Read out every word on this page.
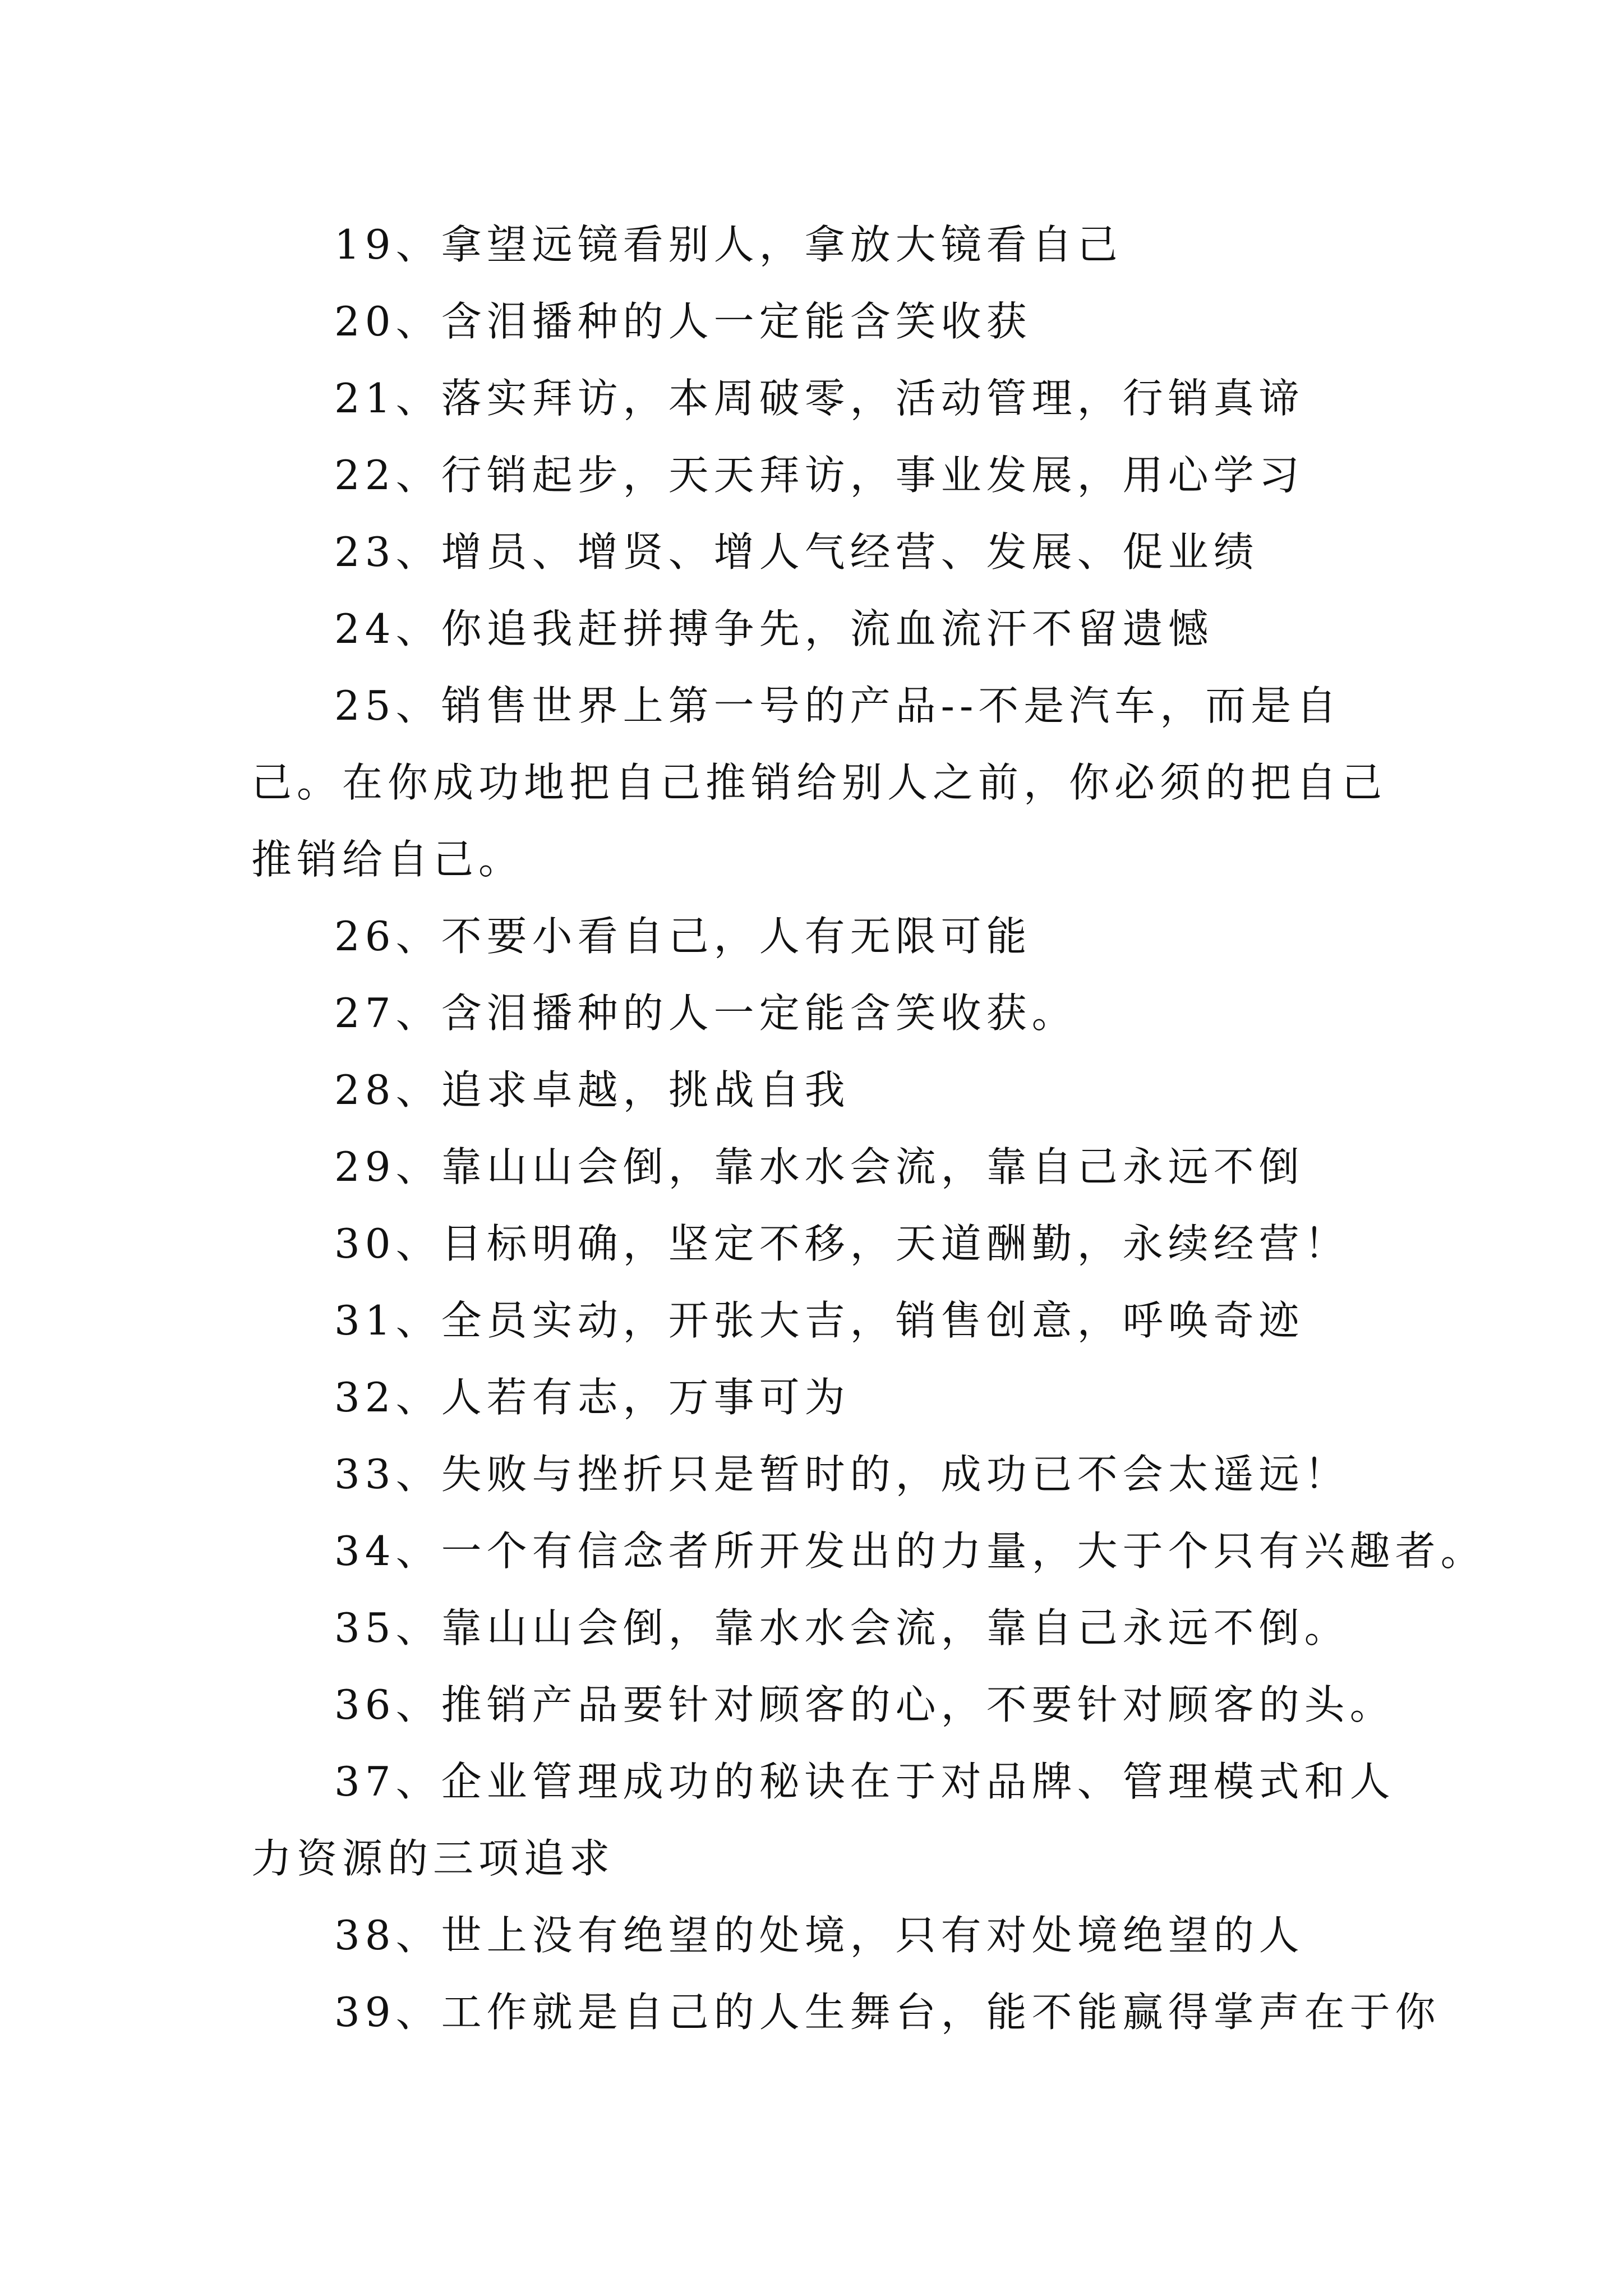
19、拿望远镜看别人，拿放大镜看自己

20、含泪播种的人一定能含笑收获

21、落实拜访，本周破零，活动管理，行销真谛

22、行销起步，天天拜访，事业发展，用心学习

23、增员、增贤、增人气经营、发展、促业绩

24、你追我赶拼搏争先，流血流汗不留遗憾

25、销售世界上第一号的产品--不是汽车，而是自己。在你成功地把自己推销给别人之前，你必须的把自己推销给自己。

26、不要小看自己，人有无限可能

27、含泪播种的人一定能含笑收获。

28、追求卓越，挑战自我

29、靠山山会倒，靠水水会流，靠自己永远不倒

30、目标明确，坚定不移，天道酬勤，永续经营！

31、全员实动，开张大吉，销售创意，呼唤奇迹

32、人若有志，万事可为

33、失败与挫折只是暂时的，成功已不会太遥远！

34、一个有信念者所开发出的力量，大于个只有兴趣者。

35、靠山山会倒，靠水水会流，靠自己永远不倒。

36、推销产品要针对顾客的心，不要针对顾客的头。

37、企业管理成功的秘诀在于对品牌、管理模式和人力资源的三项追求

38、世上没有绝望的处境，只有对处境绝望的人

39、工作就是自己的人生舞台，能不能赢得掌声在于你
